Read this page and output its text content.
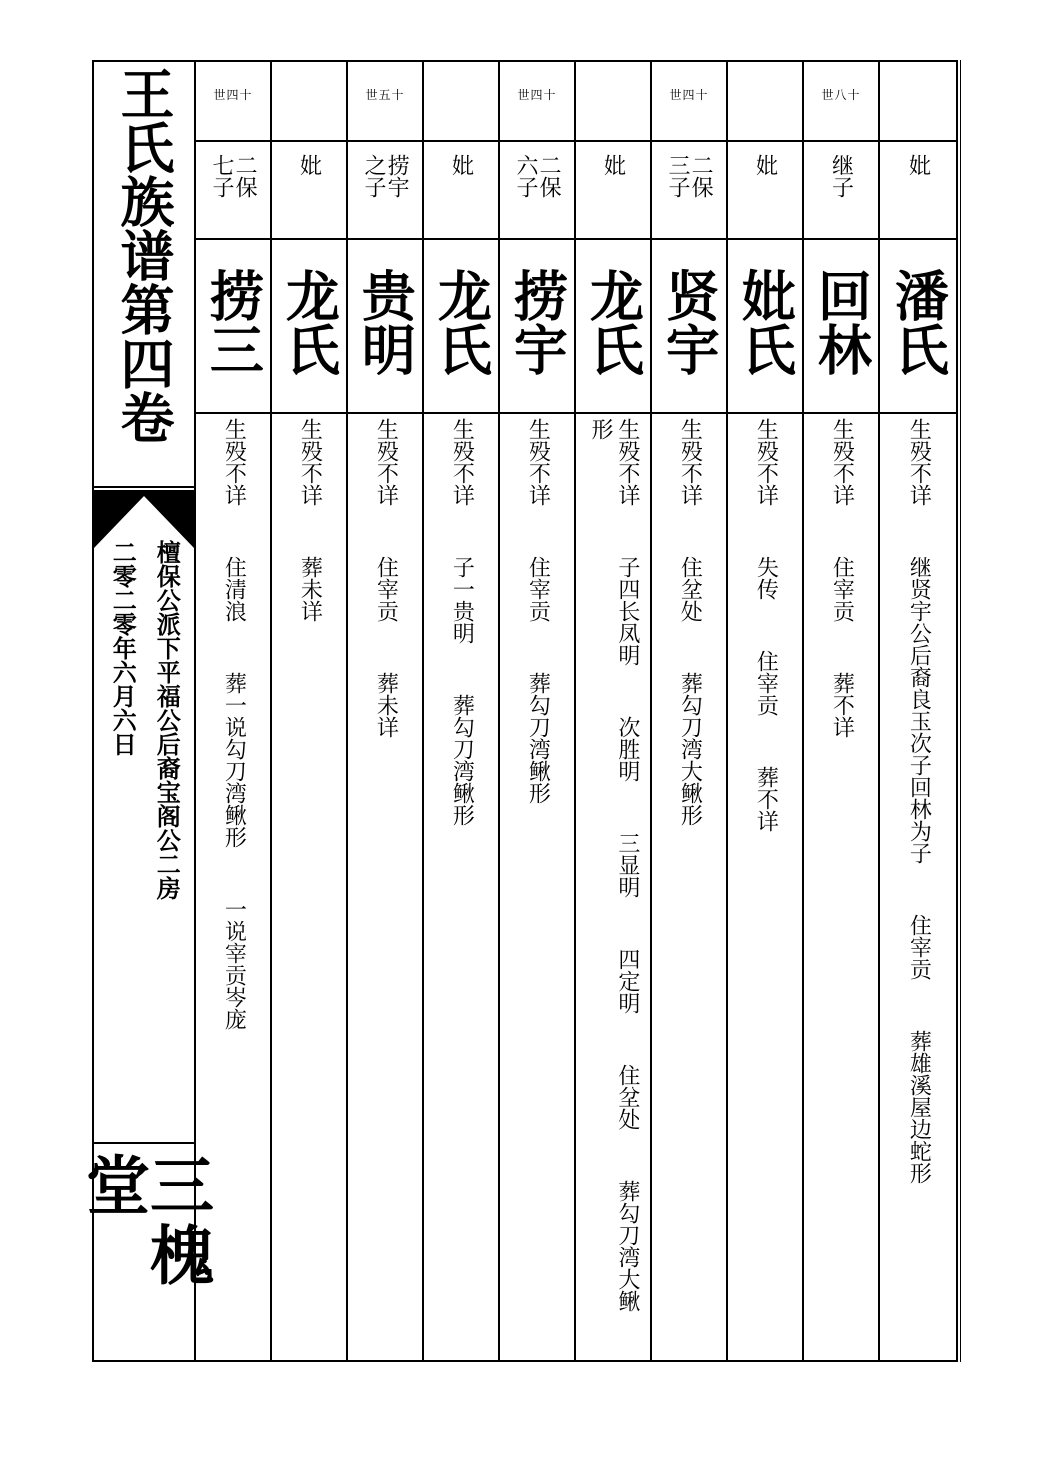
王氏族谱第四卷
檀保公派下平福公后裔宝阁公二房
二零二零年六月六日
三槐堂
世四十
二保 七子
捞三
生殁不详  住清浪  葬一说勾刀湾鳅形  一说宰贡岑庞
妣
龙氏
生殁不详  葬未详
世五十
捞宇 之子
贵明
生殁不详  住宰贡  葬未详
妣
龙氏
生殁不详  子一贵明  葬勾刀湾鳅形
世四十
二保 六子
捞宇
生殁不详  住宰贡  葬勾刀湾鳅形
妣
龙氏
生殁不详  子四长凤明  次胜明  三显明  四定明  住坌处  葬勾刀湾大鳅
形
世四十
二保 三子
贤宇
生殁不详  住坌处  葬勾刀湾大鳅形
妣
妣氏
生殁不详  失传  住宰贡  葬不详
世八十
继子
回林
生殁不详  住宰贡  葬不详
妣
潘氏
生殁不详  继贤宇公后裔良玉次子回林为子  住宰贡  葬雄溪屋边蛇形
